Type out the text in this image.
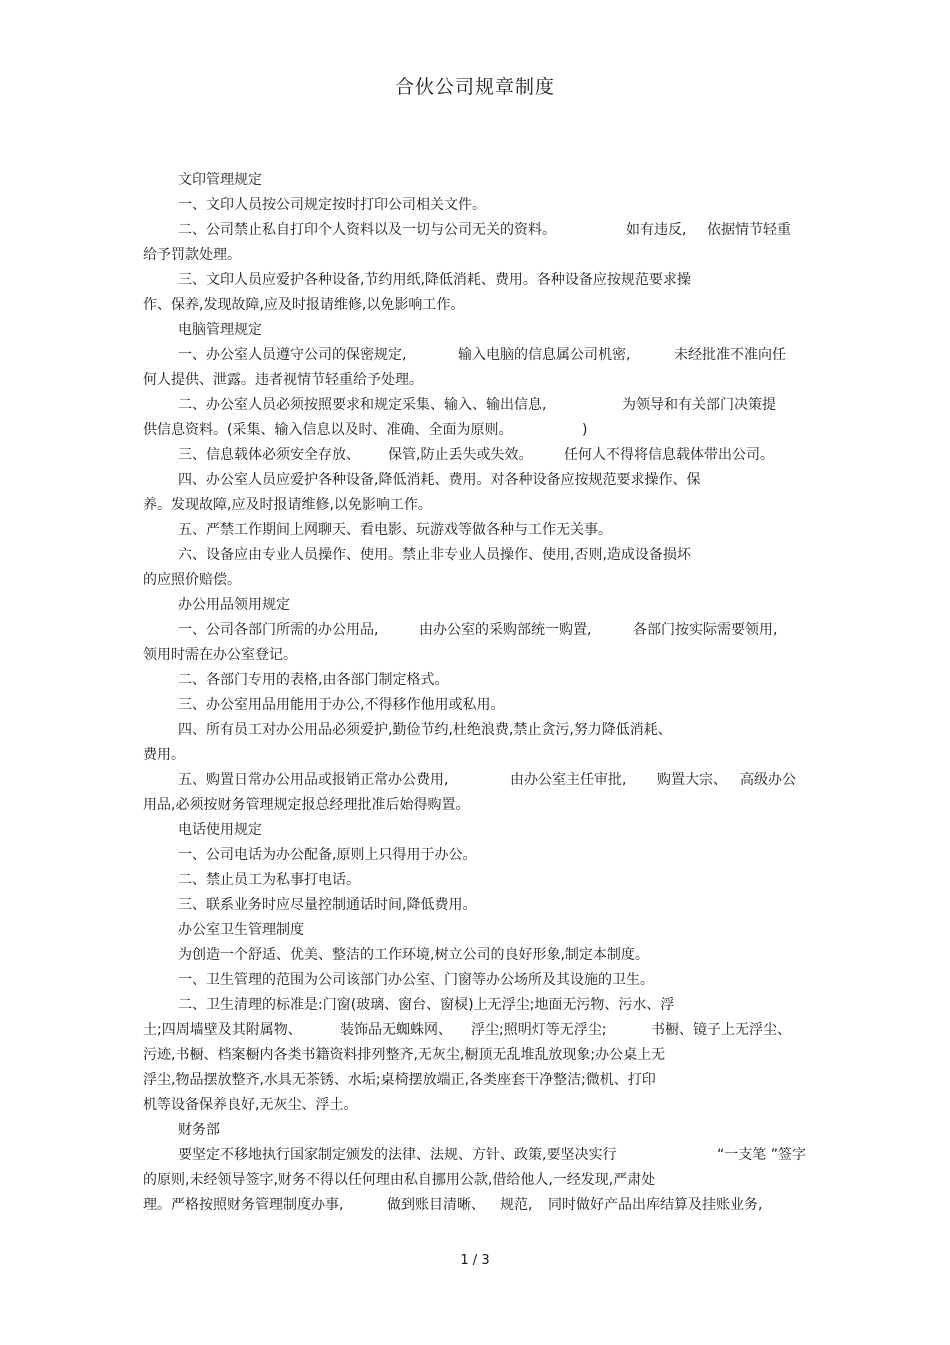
合伙公司规章制度
文印管理规定
一、文印人员按公司规定按时打印公司相关文件。
二、公司禁止私自打印个人资料以及一切与公司无关的资料。	如有违反, 依据情节轻重
给予罚款处理。
三、文印人员应爱护各种设备,节约用纸,降低消耗、费用。各种设备应按规范要求操
作、保养,发现故障,应及时报请维修,以免影响工作。
电脑管理规定
一、办公室人员遵守公司的保密规定,	输入电脑的信息属公司机密,	未经批准不准向任
何人提供、泄露。违者视情节轻重给予处理。
二、办公室人员必须按照要求和规定采集、输入、输出信息,	为领导和有关部门决策提
供信息资料。(采集、输入信息以及时、准确、全面为原则。	)
三、信息载体必须安全存放、 保管,防止丢失或失效。 任何人不得将信息载体带出公司。
四、办公室人员应爱护各种设备,降低消耗、费用。对各种设备应按规范要求操作、保
养。发现故障,应及时报请维修,以免影响工作。
五、严禁工作期间上网聊天、看电影、玩游戏等做各种与工作无关事。
六、设备应由专业人员操作、使用。禁止非专业人员操作、使用,否则,造成设备损坏
的应照价赔偿。
办公用品领用规定
一、公司各部门所需的办公用品,	由办公室的采购部统一购置,	各部门按实际需要领用,
领用时需在办公室登记。
二、各部门专用的表格,由各部门制定格式。
三、办公室用品用能用于办公,不得移作他用或私用。
四、所有员工对办公用品必须爱护,勤俭节约,杜绝浪费,禁止贪污,努力降低消耗、
费用。
五、购置日常办公用品或报销正常办公费用,	由办公室主任审批, 购置大宗、 高级办公
用品,必须按财务管理规定报总经理批准后始得购置。
电话使用规定
一、公司电话为办公配备,原则上只得用于办公。
二、禁止员工为私事打电话。
三、联系业务时应尽量控制通话时间,降低费用。
办公室卫生管理制度
为创造一个舒适、优美、整洁的工作环境,树立公司的良好形象,制定本制度。
一、卫生管理的范围为公司该部门办公室、门窗等办公场所及其设施的卫生。
二、卫生清理的标准是:门窗(玻璃、窗台、窗棂)上无浮尘;地面无污物、污水、浮
土;四周墙壁及其附属物、	装饰品无蜘蛛网、 浮尘;照明灯等无浮尘;	书橱、镜子上无浮尘、
污迹,书橱、档案橱内各类书籍资料排列整齐,无灰尘,橱顶无乱堆乱放现象;办公桌上无
浮尘,物品摆放整齐,水具无茶锈、水垢;桌椅摆放端正,各类座套干净整洁;微机、打印
机等设备保养良好,无灰尘、浮土。
财务部
要坚定不移地执行国家制定颁发的法律、法规、方针、政策,要坚决实行	“一支笔 ”签字
的原则,未经领导签字,财务不得以任何理由私自挪用公款,借给他人,一经发现,严肃处
理。严格按照财务管理制度办事,	做到账目清晰、 规范, 同时做好产品出库结算及挂账业务,
1 / 3
